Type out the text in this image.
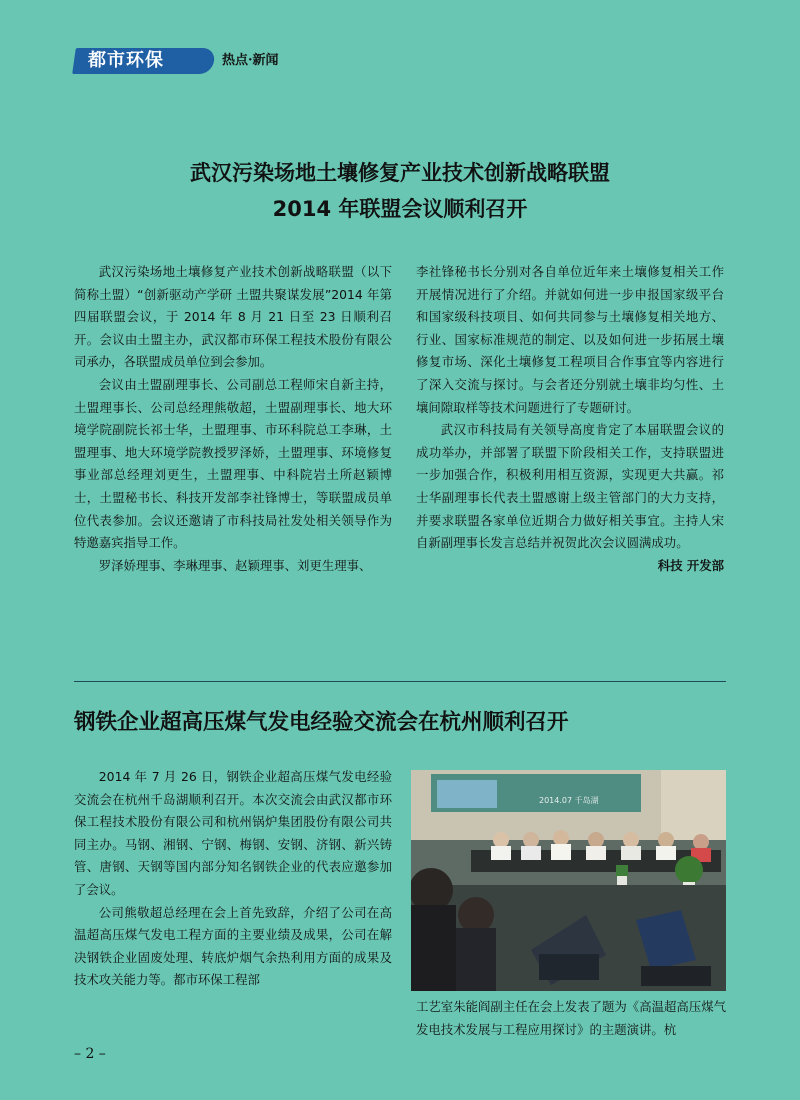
都市环保	热点·新闻
武汉污染场地土壤修复产业技术创新战略联盟
2014 年联盟会议顺利召开

武汉污染场地土壤修复产业技术创新战略联盟（以下简称土盟）“创新驱动产学研 土盟共聚谋发展”2014 年第四届联盟会议，于 2014 年 8 月 21 日至 23 日顺利召开。会议由土盟主办，武汉都市环保工程技术股份有限公司承办，各联盟成员单位到会参加。

会议由土盟副理事长、公司副总工程师宋自新主持，土盟理事长、公司总经理熊敬超，土盟副理事长、地大环境学院副院长祁士华，土盟理事、市环科院总工李琳，土盟理事、地大环境学院教授罗泽娇，土盟理事、环境修复事业部总经理刘更生，土盟理事、中科院岩土所赵颖博士，土盟秘书长、科技开发部李社锋博士，等联盟成员单位代表参加。会议还邀请了市科技局社发处相关领导作为特邀嘉宾指导工作。

罗泽娇理事、李琳理事、赵颖理事、刘更生理事、

李社锋秘书长分别对各自单位近年来土壤修复相关工作开展情况进行了介绍。并就如何进一步申报国家级平台和国家级科技项目、如何共同参与土壤修复相关地方、行业、国家标准规范的制定、以及如何进一步拓展土壤修复市场、深化土壤修复工程项目合作事宜等内容进行了深入交流与探讨。与会者还分别就土壤非均匀性、土壤间隙取样等技术问题进行了专题研讨。

武汉市科技局有关领导高度肯定了本届联盟会议的成功举办，并部署了联盟下阶段相关工作，支持联盟进一步加强合作，积极利用相互资源，实现更大共赢。祁士华副理事长代表土盟感谢上级主管部门的大力支持，并要求联盟各家单位近期合力做好相关事宜。主持人宋自新副理事长发言总结并祝贺此次会议圆满成功。

科技 开发部

钢铁企业超高压煤气发电经验交流会在杭州顺利召开

2014 年 7 月 26 日，钢铁企业超高压煤气发电经验交流会在杭州千岛湖顺利召开。本次交流会由武汉都市环保工程技术股份有限公司和杭州锅炉集团股份有限公司共同主办。马钢、湘钢、宁钢、梅钢、安钢、济钢、新兴铸管、唐钢、天钢等国内部分知名钢铁企业的代表应邀参加了会议。

公司熊敬超总经理在会上首先致辞，介绍了公司在高温超高压煤气发电工程方面的主要业绩及成果，公司在解决钢铁企业固废处理、转底炉烟气余热利用方面的成果及技术攻关能力等。都市环保工程部

2014.07 千岛湖

工艺室朱能阎副主任在会上发表了题为《高温超高压煤气发电技术发展与工程应用探讨》的主题演讲。杭

– 2 –
